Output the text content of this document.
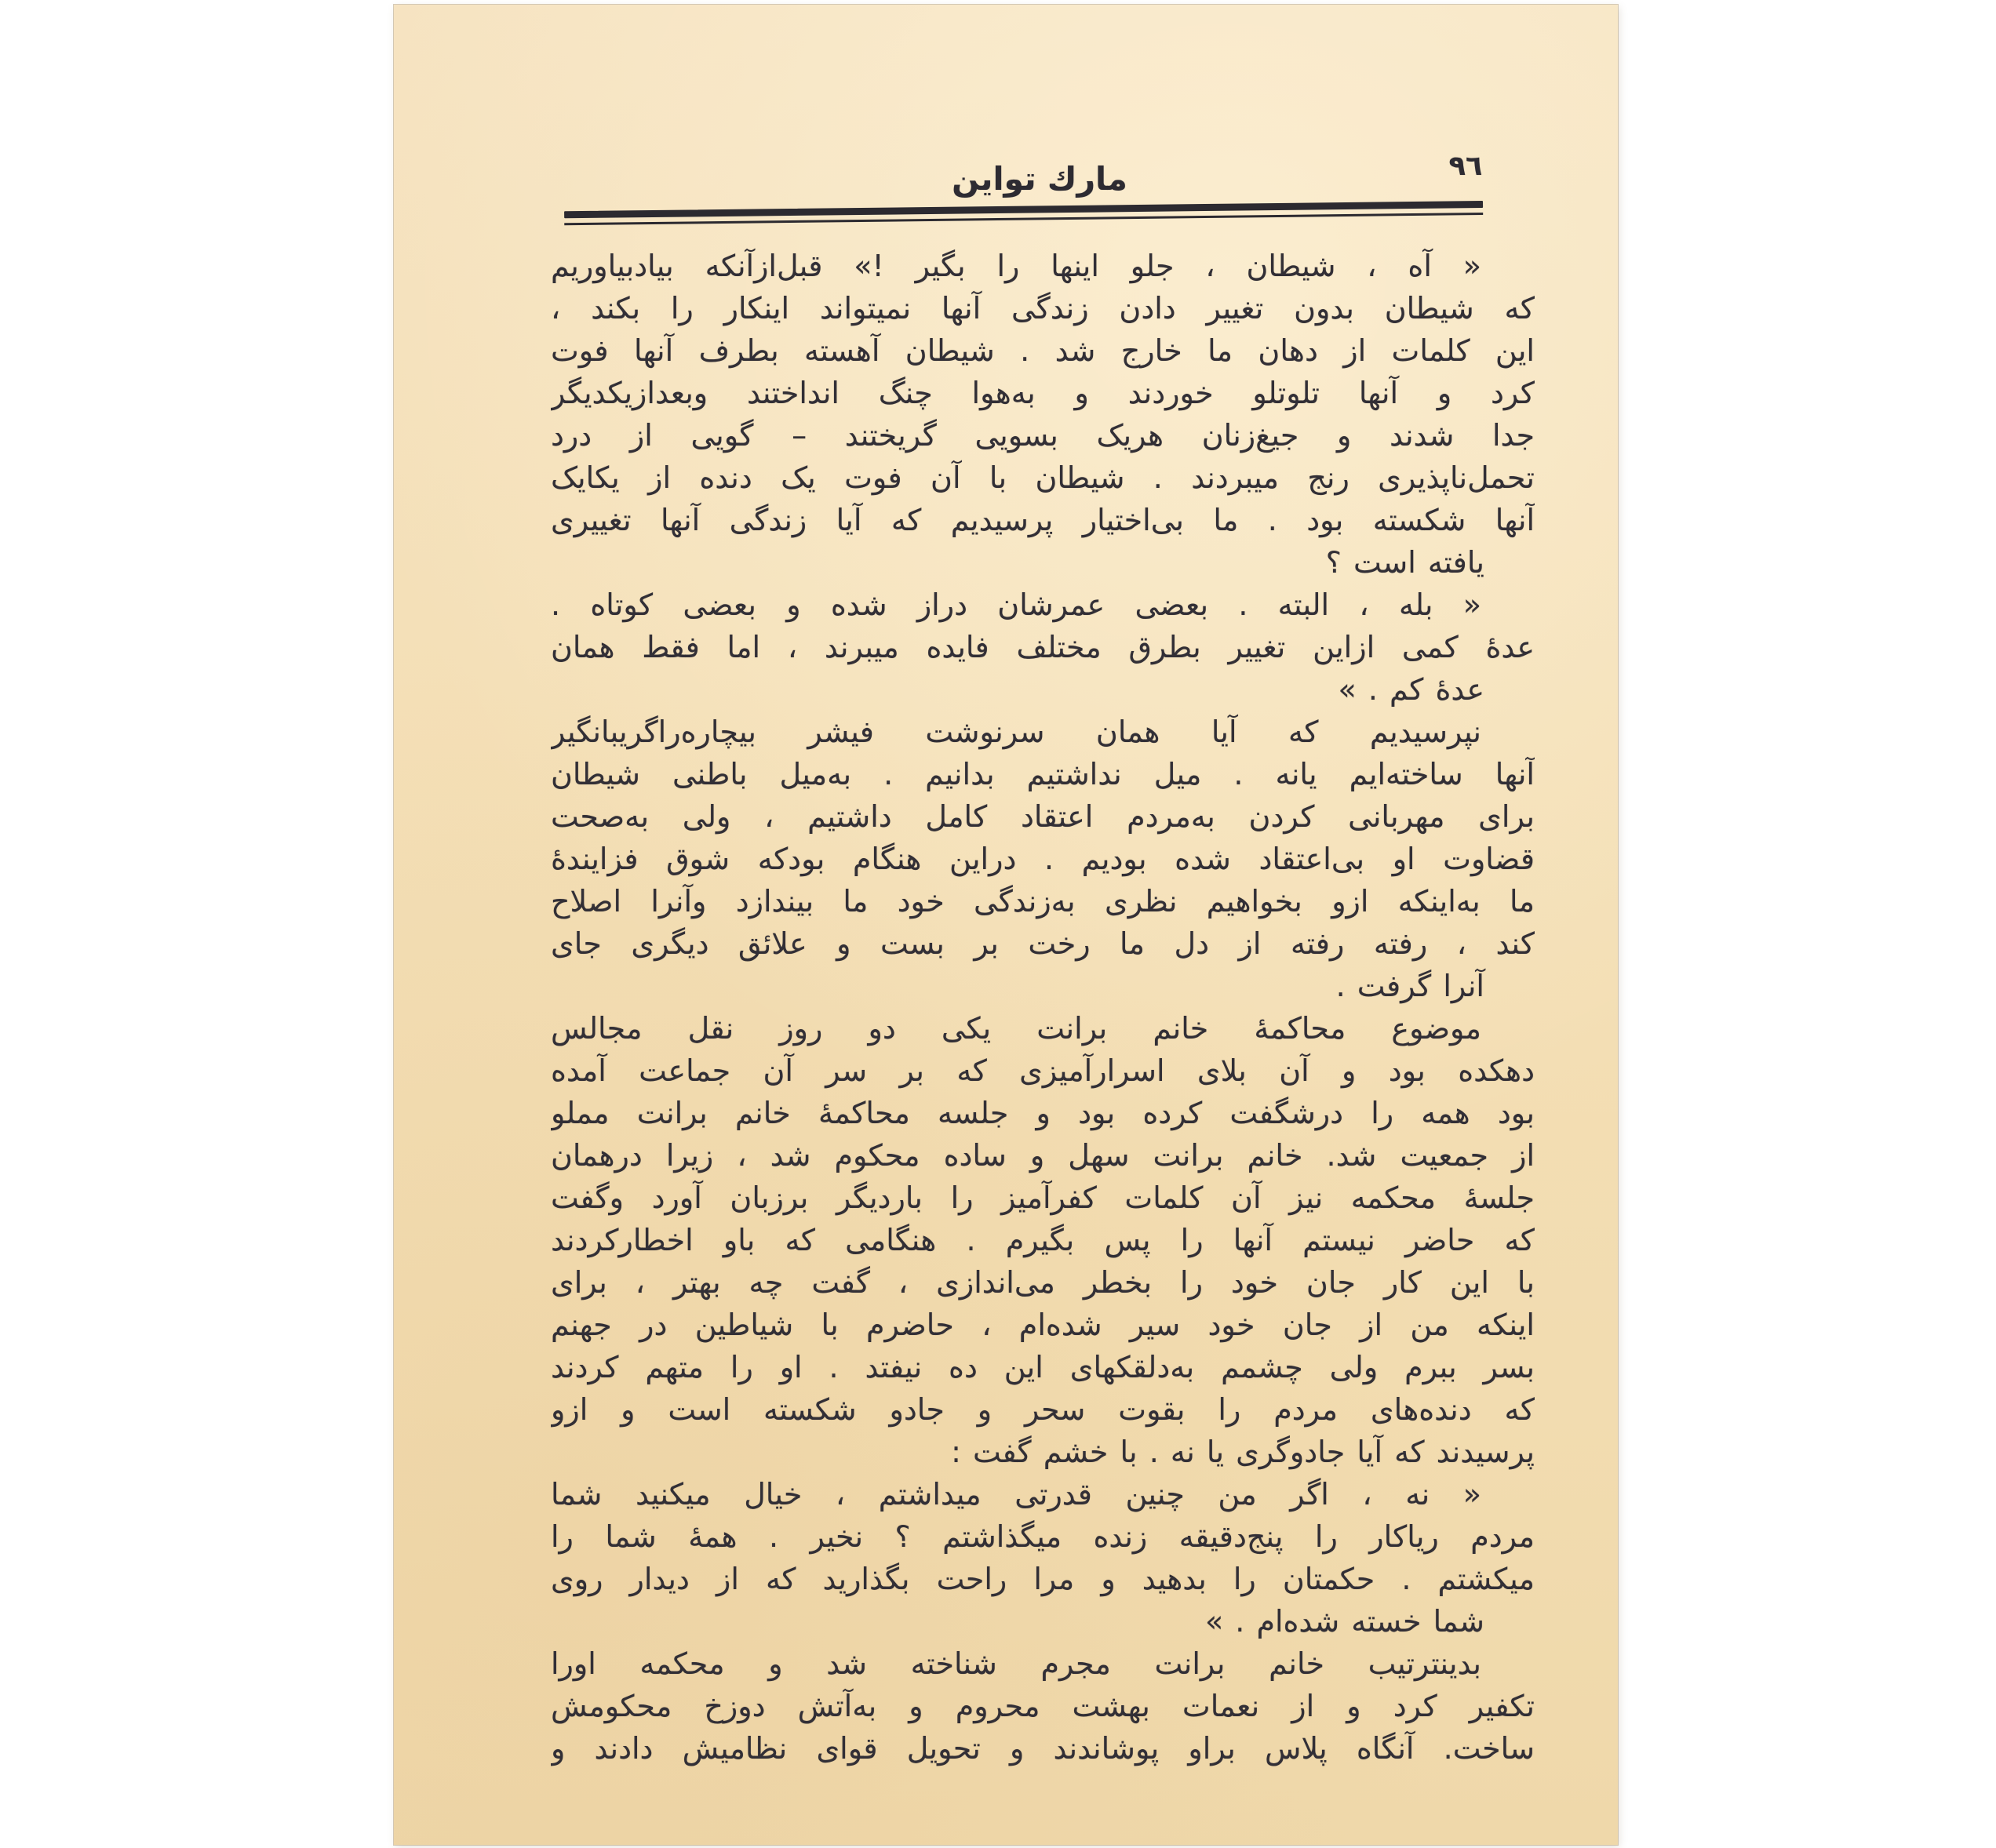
مارك تواين	٩٦
« آه ، شیطان ، جلو اینها را بگیر !» قبل‌ازآنکه بیادبیاوریم
که شیطان بدون تغییر دادن زندگی آنها نمیتواند اینکار را بکند ،
این کلمات از دهان ما خارج شد . شیطان آهسته بطرف آنها فوت
کرد و آنها تلوتلو خوردند و به‌هوا چنگ انداختند وبعدازیکدیگر
جدا شدند و جیغ‌زنان هریک بسویی گریختند – گویی از درد
تحمل‌ناپذیری رنج میبردند . شیطان با آن فوت یک دنده از یکایک
آنها شکسته بود . ما بی‌اختیار پرسیدیم که آیا زندگی آنها تغییری
یافته است ؟
« بله ، البته . بعضی عمرشان دراز شده و بعضی کوتاه .
عدهٔ کمی ازاین تغییر بطرق مختلف فایده میبرند ، اما فقط همان
عدهٔ کم . »
نپرسیدیم که آیا همان سرنوشت فیشر بیچاره‌راگریبانگیر
آنها ساخته‌ایم یانه . میل نداشتیم بدانیم . به‌میل باطنی شیطان
برای مهربانی کردن به‌مردم اعتقاد کامل داشتیم ، ولی به‌صحت
قضاوت او بی‌اعتقاد شده بودیم . دراین هنگام بودکه شوق فزایندهٔ
ما به‌اینکه ازو بخواهیم نظری به‌زندگی خود ما بیندازد وآنرا اصلاح
کند ، رفته رفته از دل ما رخت بر بست و علائق دیگری جای
آنرا گرفت .
موضوع محاکمهٔ خانم برانت یکی دو روز نقل مجالس
دهکده بود و آن بلای اسرارآمیزی که بر سر آن جماعت آمده
بود همه را درشگفت کرده بود و جلسه محاکمهٔ خانم برانت مملو
از جمعیت شد. خانم برانت سهل و ساده محکوم شد ، زیرا درهمان
جلسهٔ محکمه نیز آن کلمات کفرآمیز را باردیگر برزبان آورد وگفت
که حاضر نیستم آنها را پس بگیرم . هنگامی که باو اخطارکردند
با این کار جان خود را بخطر می‌اندازی ، گفت چه بهتر ، برای
اینکه من از جان خود سیر شده‌ام ، حاضرم با شیاطین در جهنم
بسر ببرم ولی چشمم به‌دلقکهای این ده نیفتد . او را متهم کردند
که دنده‌های مردم را بقوت سحر و جادو شکسته است و ازو
پرسیدند که آیا جادوگری یا نه . با خشم گفت :
« نه ، اگر من چنین قدرتی میداشتم ، خیال میکنید شما
مردم ریاکار را پنج‌دقیقه زنده میگذاشتم ؟ نخیر . همهٔ شما را
میکشتم . حکمتان را بدهید و مرا راحت بگذارید که از دیدار روی
شما خسته شده‌ام . »
بدینترتیب خانم برانت مجرم شناخته شد و محکمه اورا
تکفیر کرد و از نعمات بهشت محروم و به‌آتش دوزخ محکومش
ساخت. آنگاه پلاس براو پوشاندند و تحویل قوای نظامیش دادند و
